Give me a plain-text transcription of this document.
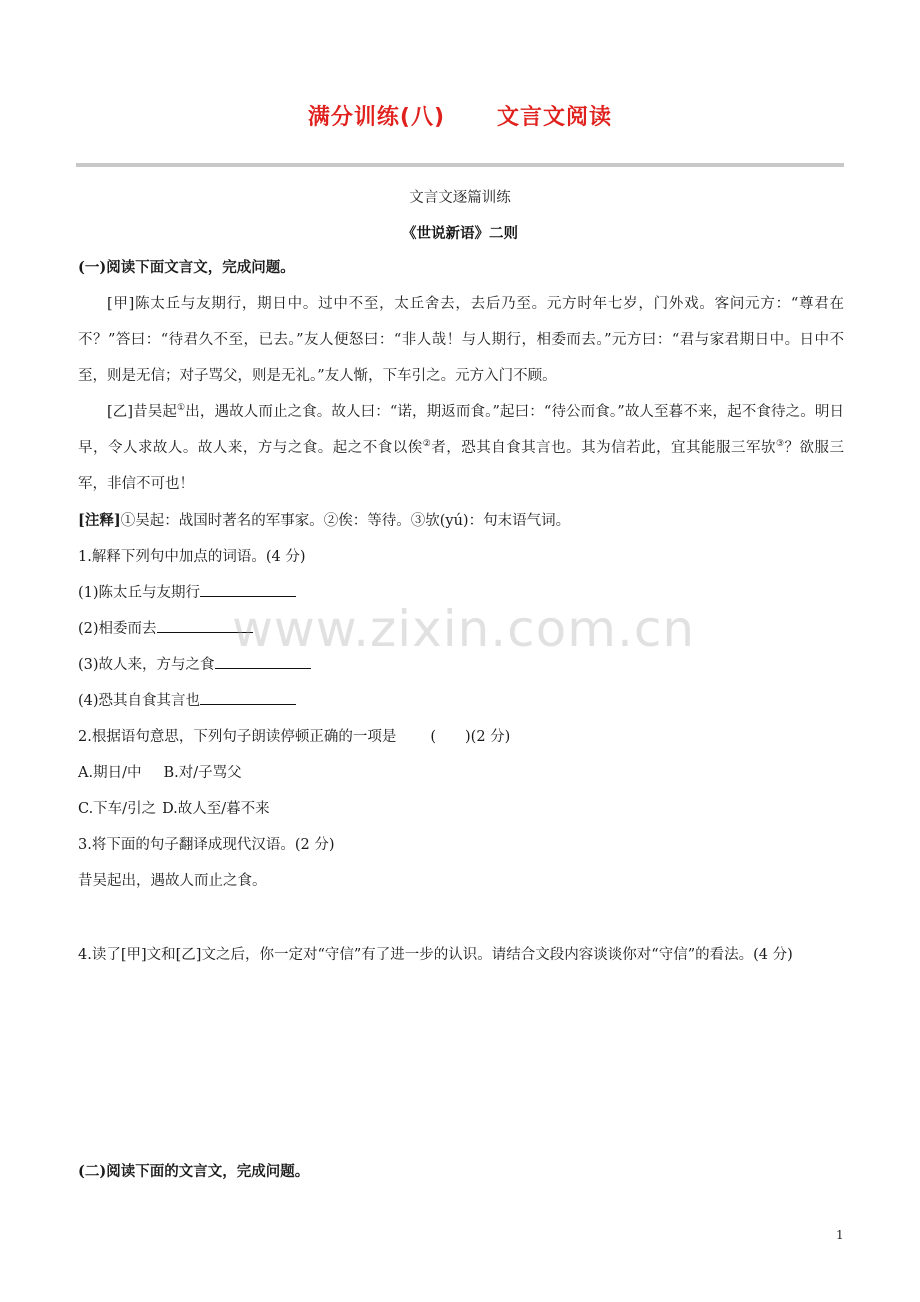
满分训练(八) 文言文阅读
文言文逐篇训练
《世说新语》二则
(一)阅读下面文言文，完成问题。

[甲]陈太丘与友期行，期日中。过中不至，太丘舍去，去后乃至。元方时年七岁，门外戏。客问元方：“尊君在不？”答曰：“待君久不至，已去。”友人便怒曰：“非人哉！与人期行，相委而去。”元方曰：“君与家君期日中。日中不至，则是无信；对子骂父，则是无礼。”友人惭，下车引之。元方入门不顾。

[乙]昔吴起①出，遇故人而止之食。故人曰：“诺，期返而食。”起曰：“待公而食。”故人至暮不来，起不食待之。明日早，令人求故人。故人来，方与之食。起之不食以俟②者，恐其自食其言也。其为信若此，宜其能服三军欤③？欲服三军，非信不可也！

[注释]①吴起：战国时著名的军事家。②俟：等待。③欤(yú)：句末语气词。
1.解释下列句中加点的词语。(4 分)
(1)陈太丘与友期行
(2)相委而去
(3)故人来，方与之食
(4)恐其自食其言也
2.根据语句意思，下列句子朗读停顿正确的一项是 (　　)(2 分)
A.期日/中 B.对/子骂父
C.下车/引之 D.故人至/暮不来
3.将下面的句子翻译成现代汉语。(2 分)
昔吴起出，遇故人而止之食。
4.读了[甲]文和[乙]文之后，你一定对“守信”有了进一步的认识。请结合文段内容谈谈你对“守信”的看法。(4 分)
(二)阅读下面的文言文，完成问题。
www.zixin.com.cn
1
